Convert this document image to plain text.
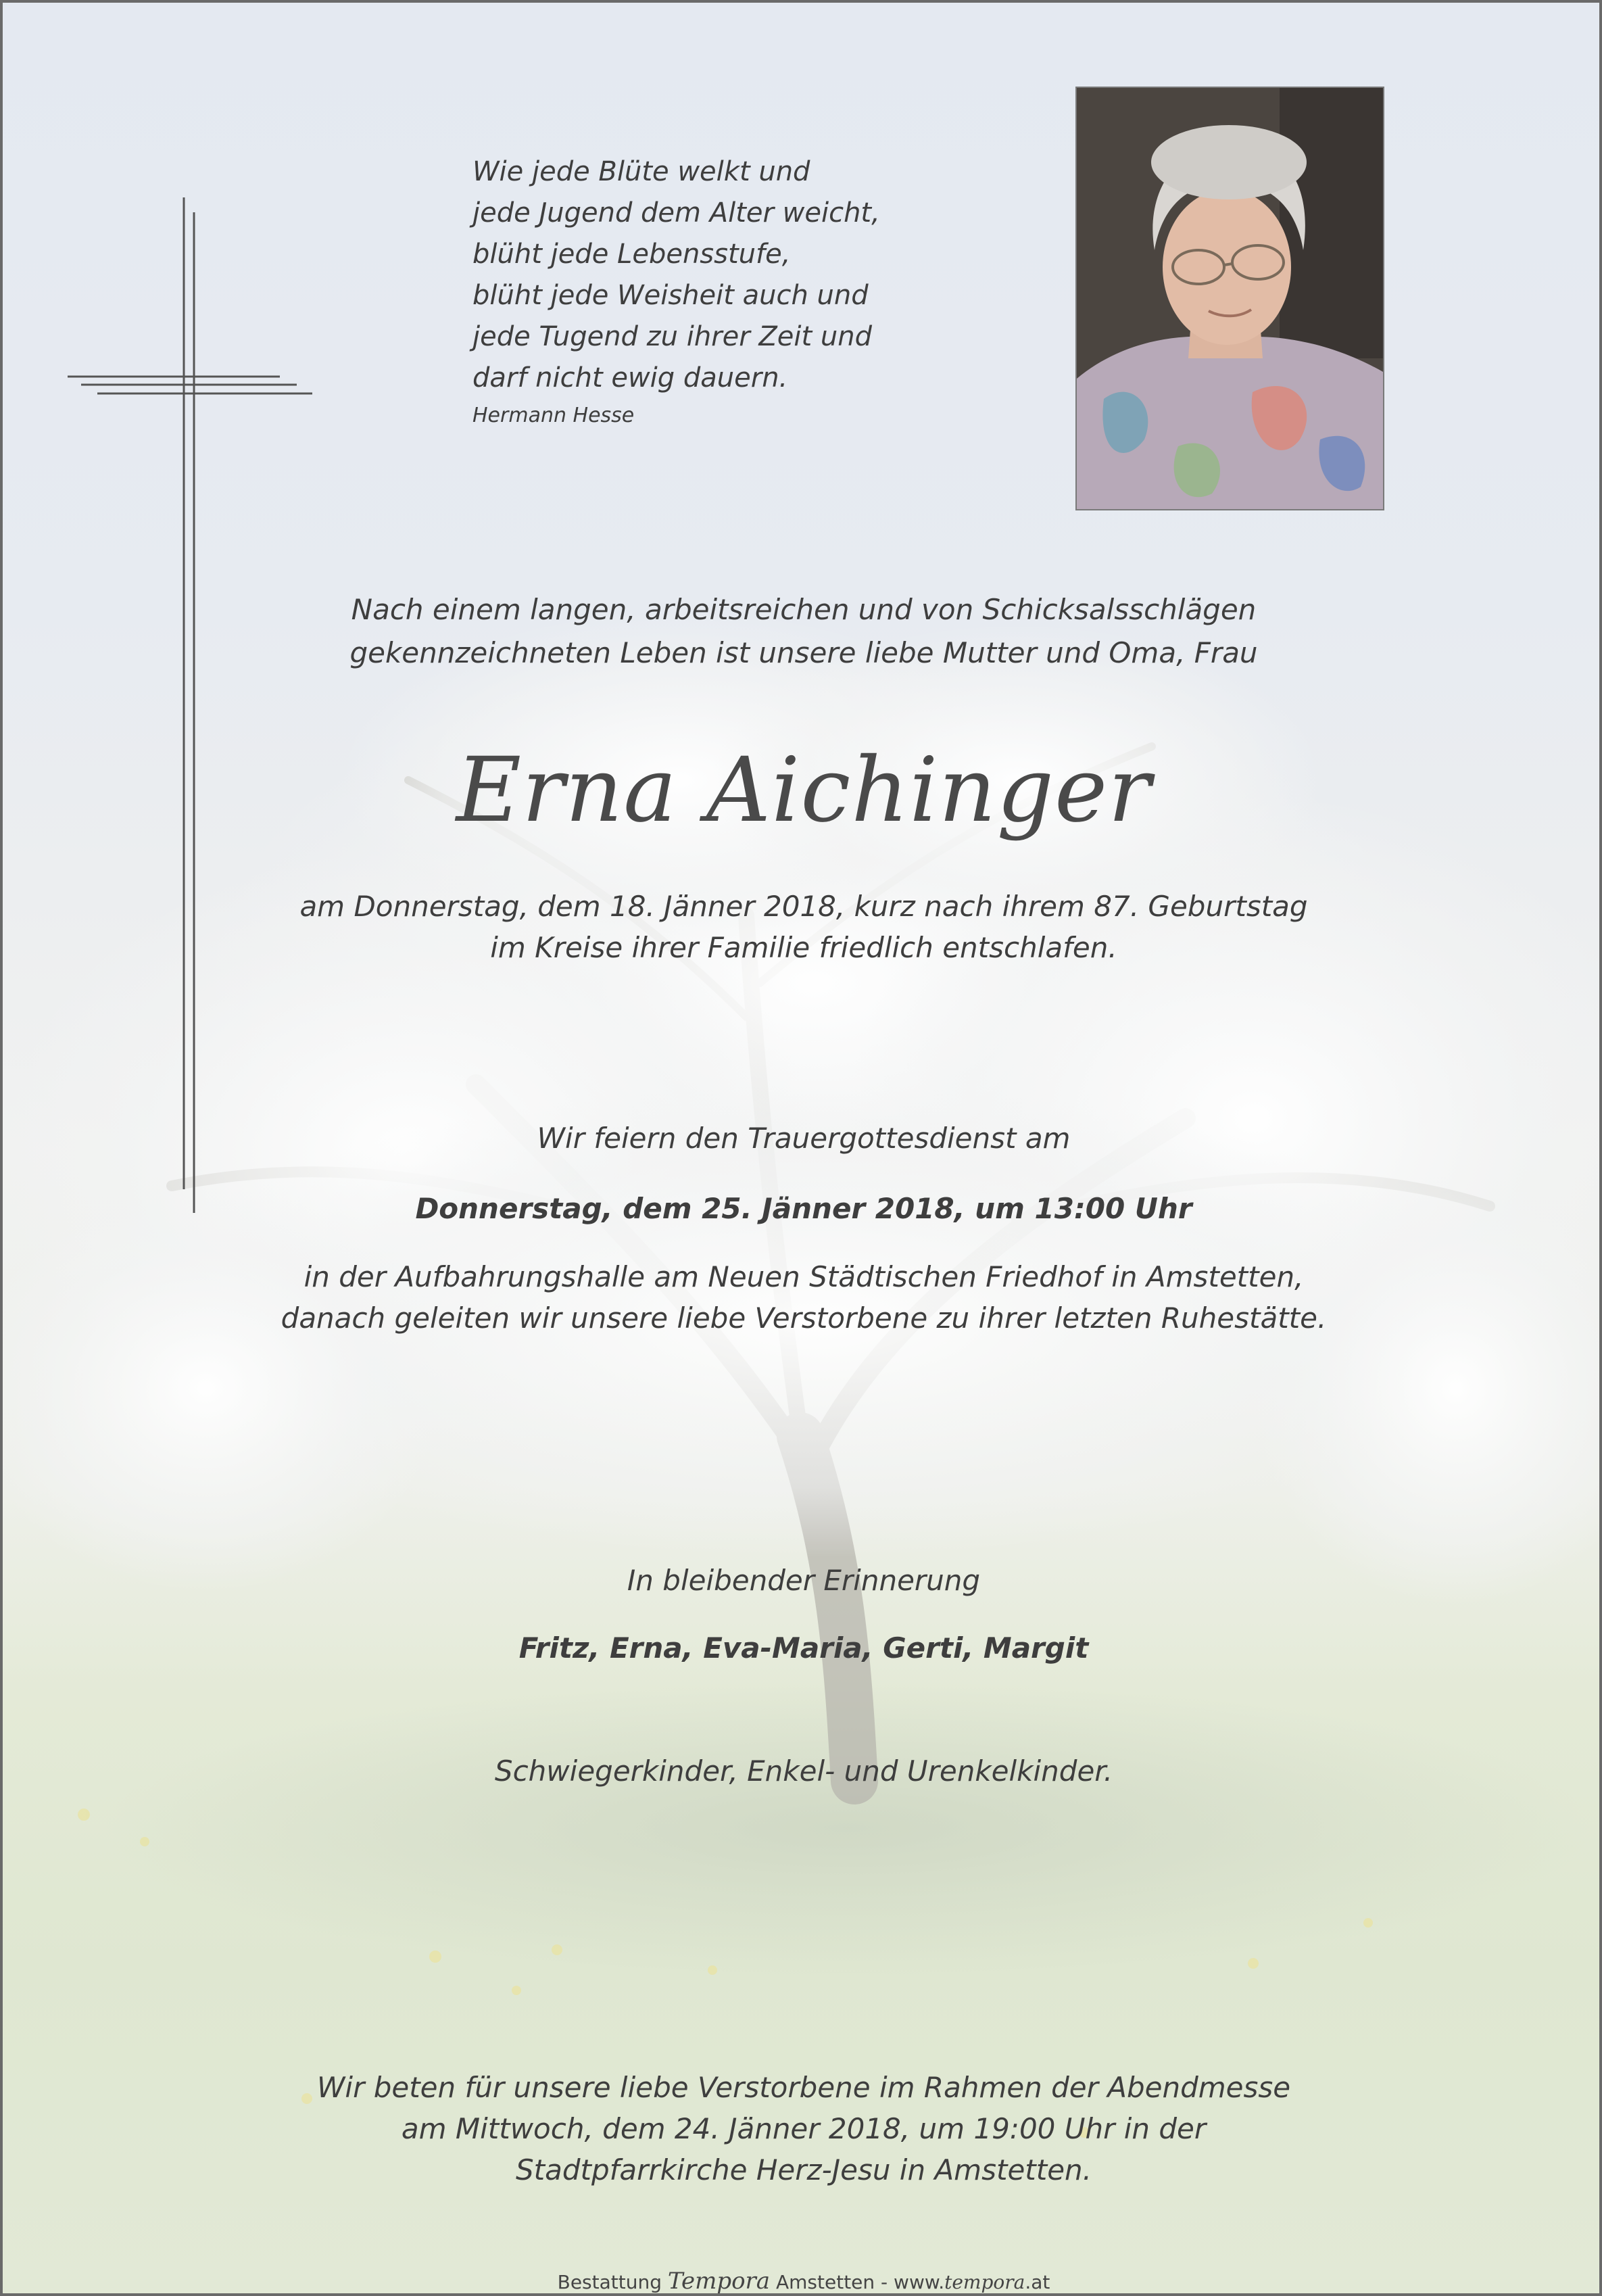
Wie jede Blüte welkt und
jede Jugend dem Alter weicht,
blüht jede Lebensstufe,
blüht jede Weisheit auch und
jede Tugend zu ihrer Zeit und
darf nicht ewig dauern.
Hermann Hesse
Nach einem langen, arbeitsreichen und von Schicksalsschlägen
gekennzeichneten Leben ist unsere liebe Mutter und Oma, Frau
Erna Aichinger
am Donnerstag, dem 18. Jänner 2018, kurz nach ihrem 87. Geburtstag
im Kreise ihrer Familie friedlich entschlafen.
Wir feiern den Trauergottesdienst am
Donnerstag, dem 25. Jänner 2018, um 13:00 Uhr
in der Aufbahrungshalle am Neuen Städtischen Friedhof in Amstetten,
danach geleiten wir unsere liebe Verstorbene zu ihrer letzten Ruhestätte.
In bleibender Erinnerung
Fritz, Erna, Eva-Maria, Gerti, Margit
Schwiegerkinder, Enkel- und Urenkelkinder.
Wir beten für unsere liebe Verstorbene im Rahmen der Abendmesse
am Mittwoch, dem 24. Jänner 2018, um 19:00 Uhr in der
Stadtpfarrkirche Herz-Jesu in Amstetten.
Bestattung Tempora Amstetten - www.tempora.at
